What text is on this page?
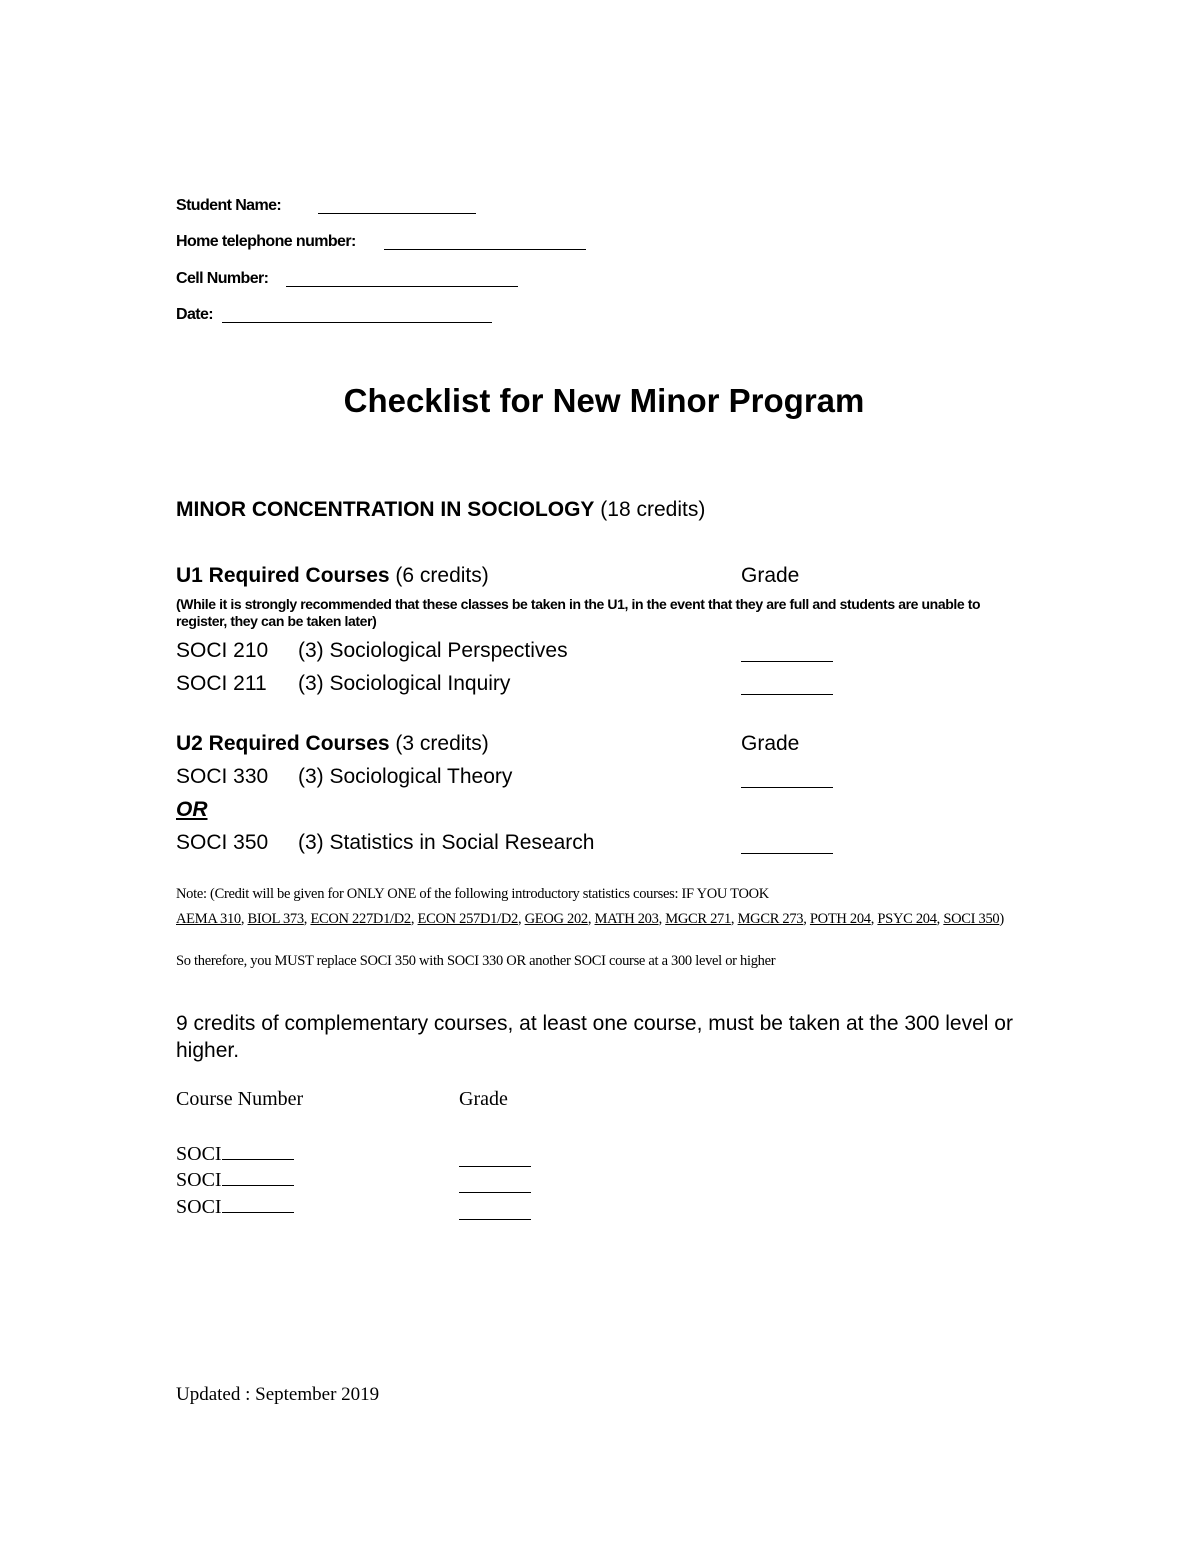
Student Name:
Home telephone number:
Cell Number:
Date:
Checklist for New Minor Program
MINOR CONCENTRATION IN SOCIOLOGY (18 credits)
U1 Required Courses (6 credits)	Grade
(While it is strongly recommended that these classes be taken in the U1, in the event that they are full and students are unable to register, they can be taken later)
SOCI 210 (3) Sociological Perspectives
SOCI 211 (3) Sociological Inquiry
U2 Required Courses (3 credits)	Grade
SOCI 330 (3) Sociological Theory
OR
SOCI 350 (3) Statistics in Social Research
Note: (Credit will be given for ONLY ONE of the following introductory statistics courses: IF YOU TOOK
AEMA 310, BIOL 373, ECON 227D1/D2, ECON 257D1/D2, GEOG 202, MATH 203, MGCR 271, MGCR 273, POTH 204, PSYC 204, SOCI 350)
So therefore, you MUST replace SOCI 350 with SOCI 330 OR another SOCI course at a 300 level or higher
9 credits of complementary courses, at least one course, must be taken at the 300 level or higher.
Course Number	Grade
SOCI
SOCI
SOCI
Updated : September 2019
